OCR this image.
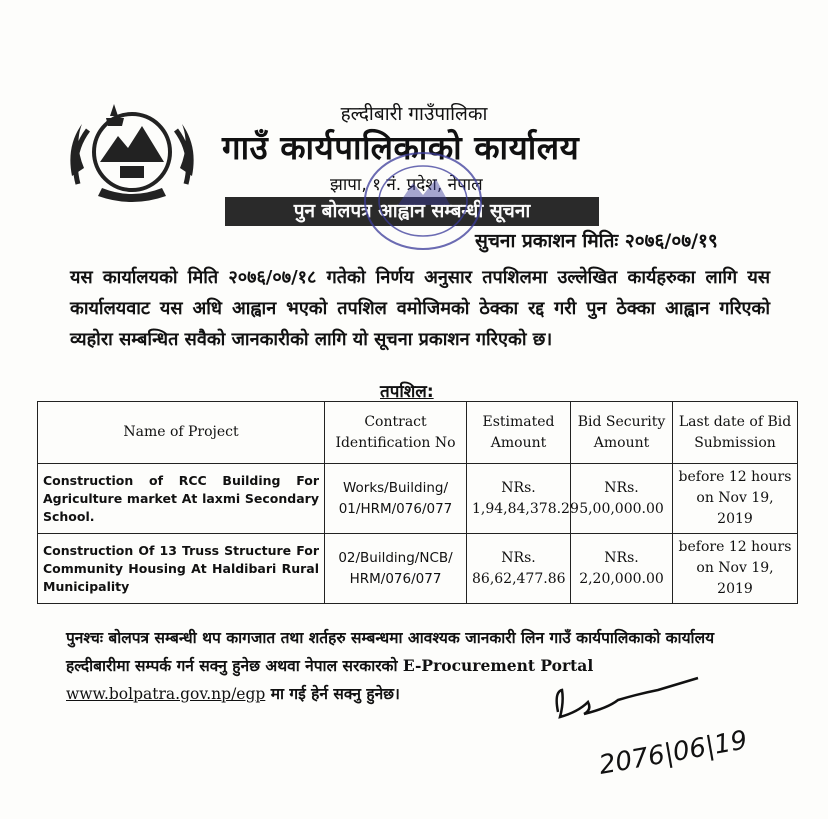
हल्दीबारी गाउँपालिका
गाउँ कार्यपालिकाको कार्यालय
झापा, १ नं. प्रदेश, नेपाल
पुन बोलपत्र आह्वान सम्बन्धी सूचना
सुचना प्रकाशन मितिः २०७६/०७/१९
यस कार्यालयको मिति २०७६/०७/१८ गतेको निर्णय अनुसार तपशिलमा उल्लेखित कार्यहरुका लागि यस कार्यालयवाट यस अधि आह्वान भएको तपशिल वमोजिमको ठेक्का रद्द गरी पुन ठेक्का आह्वान गरिएको व्यहोरा सम्बन्धित सवैको जानकारीको लागि यो सूचना प्रकाशन गरिएको छ।
तपशिल:
Name of Project	Contract Identification No	Estimated Amount	Bid Security Amount	Last date of Bid Submission
Construction of RCC Building For Agriculture market At laxmi Secondary School.	Works/Building/ 01/HRM/076/077	NRs. 1,94,84,378.29	NRs. 5,00,000.00	before 12 hours on Nov 19, 2019
Construction Of 13 Truss Structure For Community Housing At Haldibari Rural Municipality	02/Building/NCB/ HRM/076/077	NRs. 86,62,477.86	NRs. 2,20,000.00	before 12 hours on Nov 19, 2019
पुनश्चः बोलपत्र सम्बन्धी थप कागजात तथा शर्तहरु सम्बन्धमा आवश्यक जानकारी लिन गाउँ कार्यपालिकाको कार्यालय हल्दीबारीमा सम्पर्क गर्न सक्नु हुनेछ अथवा नेपाल सरकारको E-Procurement Portal www.bolpatra.gov.np/egp मा गई हेर्न सक्नु हुनेछ।
2076|06|19
